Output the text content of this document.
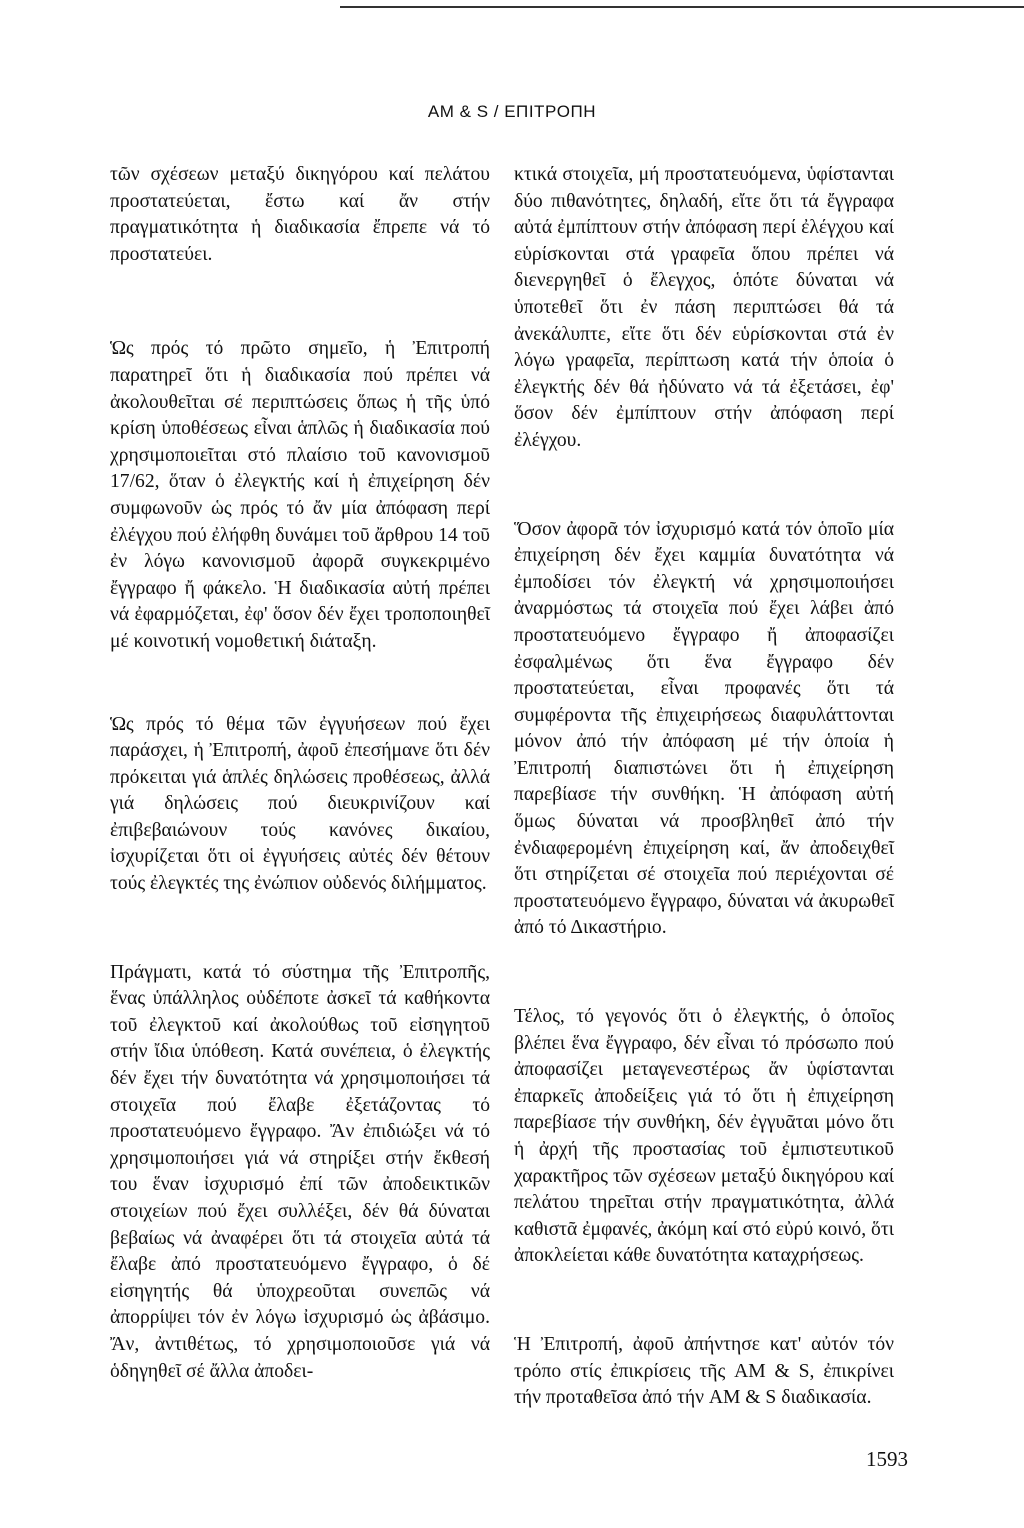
AM & S / ΕΠΙΤΡΟΠΗ

τῶν σχέσεων μεταξύ δικηγόρου καί πελάτου προστατεύεται, ἔστω καί ἄν στήν πραγματικότητα ἡ διαδικασία ἔπρεπε νά τό προστατεύει.

Ὡς πρός τό πρῶτο σημεῖο, ἡ Ἐπιτροπή παρατηρεῖ ὅτι ἡ διαδικασία πού πρέπει νά ἀκολουθεῖται σέ περιπτώσεις ὅπως ἡ τῆς ὑπό κρίση ὑποθέσεως εἶναι ἁπλῶς ἡ διαδικασία πού χρησιμοποιεῖται στό πλαίσιο τοῦ κανονισμοῦ 17/62, ὅταν ὁ ἐλεγκτής καί ἡ ἐπιχείρηση δέν συμφωνοῦν ὡς πρός τό ἄν μία ἀπόφαση περί ἐλέγχου πού ἐλήφθη δυνάμει τοῦ ἄρθρου 14 τοῦ ἐν λόγω κανονισμοῦ ἀφορᾶ συγκεκριμένο ἔγγραφο ἤ φάκελο. Ἡ διαδικασία αὐτή πρέπει νά ἐφαρμόζεται, ἐφ' ὅσον δέν ἔχει τροποποιηθεῖ μέ κοινοτική νομοθετική διάταξη.

Ὡς πρός τό θέμα τῶν ἐγγυήσεων πού ἔχει παράσχει, ἡ Ἐπιτροπή, ἀφοῦ ἐπεσήμανε ὅτι δέν πρόκειται γιά ἁπλές δηλώσεις προθέσεως, ἀλλά γιά δηλώσεις πού διευκρινίζουν καί ἐπιβεβαιώνουν τούς κανόνες δικαίου, ἰσχυρίζεται ὅτι οἱ ἐγγυήσεις αὐτές δέν θέτουν τούς ἐλεγκτές της ἐνώπιον οὐδενός διλήμματος.

Πράγματι, κατά τό σύστημα τῆς Ἐπιτροπῆς, ἕνας ὑπάλληλος οὐδέποτε ἀσκεῖ τά καθήκοντα τοῦ ἐλεγκτοῦ καί ἀκολούθως τοῦ εἰσηγητοῦ στήν ἴδια ὑπόθεση. Κατά συνέπεια, ὁ ἐλεγκτής δέν ἔχει τήν δυνατότητα νά χρησιμοποιήσει τά στοιχεῖα πού ἔλαβε ἐξετάζοντας τό προστατευόμενο ἔγγραφο. Ἄν ἐπιδιώξει νά τό χρησιμοποιήσει γιά νά στηρίξει στήν ἔκθεσή του ἕναν ἰσχυρισμό ἐπί τῶν ἀποδεικτικῶν στοιχείων πού ἔχει συλλέξει, δέν θά δύναται βεβαίως νά ἀναφέρει ὅτι τά στοιχεῖα αὐτά τά ἔλαβε ἀπό προστατευόμενο ἔγγραφο, ὁ δέ εἰσηγητής θά ὑποχρεοῦται συνεπῶς νά ἀπορρίψει τόν ἐν λόγω ἰσχυρισμό ὡς ἀβάσιμο. Ἄν, ἀντιθέτως, τό χρησιμοποιοῦσε γιά νά ὁδηγηθεῖ σέ ἄλλα ἀποδει-

κτικά στοιχεῖα, μή προστατευόμενα, ὑφίστανται δύο πιθανότητες, δηλαδή, εἴτε ὅτι τά ἔγγραφα αὐτά ἐμπίπτουν στήν ἀπόφαση περί ἐλέγχου καί εὑρίσκονται στά γραφεῖα ὅπου πρέπει νά διενεργηθεῖ ὁ ἔλεγχος, ὁπότε δύναται νά ὑποτεθεῖ ὅτι ἐν πάση περιπτώσει θά τά ἀνεκάλυπτε, εἴτε ὅτι δέν εὑρίσκονται στά ἐν λόγω γραφεῖα, περίπτωση κατά τήν ὁποία ὁ ἐλεγκτής δέν θά ἠδύνατο νά τά ἐξετάσει, ἐφ' ὅσον δέν ἐμπίπτουν στήν ἀπόφαση περί ἐλέγχου.

Ὅσον ἀφορᾶ τόν ἰσχυρισμό κατά τόν ὁποῖο μία ἐπιχείρηση δέν ἔχει καμμία δυνατότητα νά ἐμποδίσει τόν ἐλεγκτή νά χρησιμοποιήσει ἀναρμόστως τά στοιχεῖα πού ἔχει λάβει ἀπό προστατευόμενο ἔγγραφο ἤ ἀποφασίζει ἐσφαλμένως ὅτι ἕνα ἔγγραφο δέν προστατεύεται, εἶναι προφανές ὅτι τά συμφέροντα τῆς ἐπιχειρήσεως διαφυλάττονται μόνον ἀπό τήν ἀπόφαση μέ τήν ὁποία ἡ Ἐπιτροπή διαπιστώνει ὅτι ἡ ἐπιχείρηση παρεβίασε τήν συνθήκη. Ἡ ἀπόφαση αὐτή ὅμως δύναται νά προσβληθεῖ ἀπό τήν ἐνδιαφερομένη ἐπιχείρηση καί, ἄν ἀποδειχθεῖ ὅτι στηρίζεται σέ στοιχεῖα πού περιέχονται σέ προστατευόμενο ἔγγραφο, δύναται νά ἀκυρωθεῖ ἀπό τό Δικαστήριο.

Τέλος, τό γεγονός ὅτι ὁ ἐλεγκτής, ὁ ὁποῖος βλέπει ἕνα ἔγγραφο, δέν εἶναι τό πρόσωπο πού ἀποφασίζει μεταγενεστέρως ἄν ὑφίστανται ἐπαρκεῖς ἀποδείξεις γιά τό ὅτι ἡ ἐπιχείρηση παρεβίασε τήν συνθήκη, δέν ἐγγυᾶται μόνο ὅτι ἡ ἀρχή τῆς προστασίας τοῦ ἐμπιστευτικοῦ χαρακτῆρος τῶν σχέσεων μεταξύ δικηγόρου καί πελάτου τηρεῖται στήν πραγματικότητα, ἀλλά καθιστᾶ ἐμφανές, ἀκόμη καί στό εὐρύ κοινό, ὅτι ἀποκλείεται κάθε δυνατότητα καταχρήσεως.

Ἡ Ἐπιτροπή, ἀφοῦ ἀπήντησε κατ' αὐτόν τόν τρόπο στίς ἐπικρίσεις τῆς AM & S, ἐπικρίνει τήν προταθεῖσα ἀπό τήν AM & S διαδικασία.

1593
